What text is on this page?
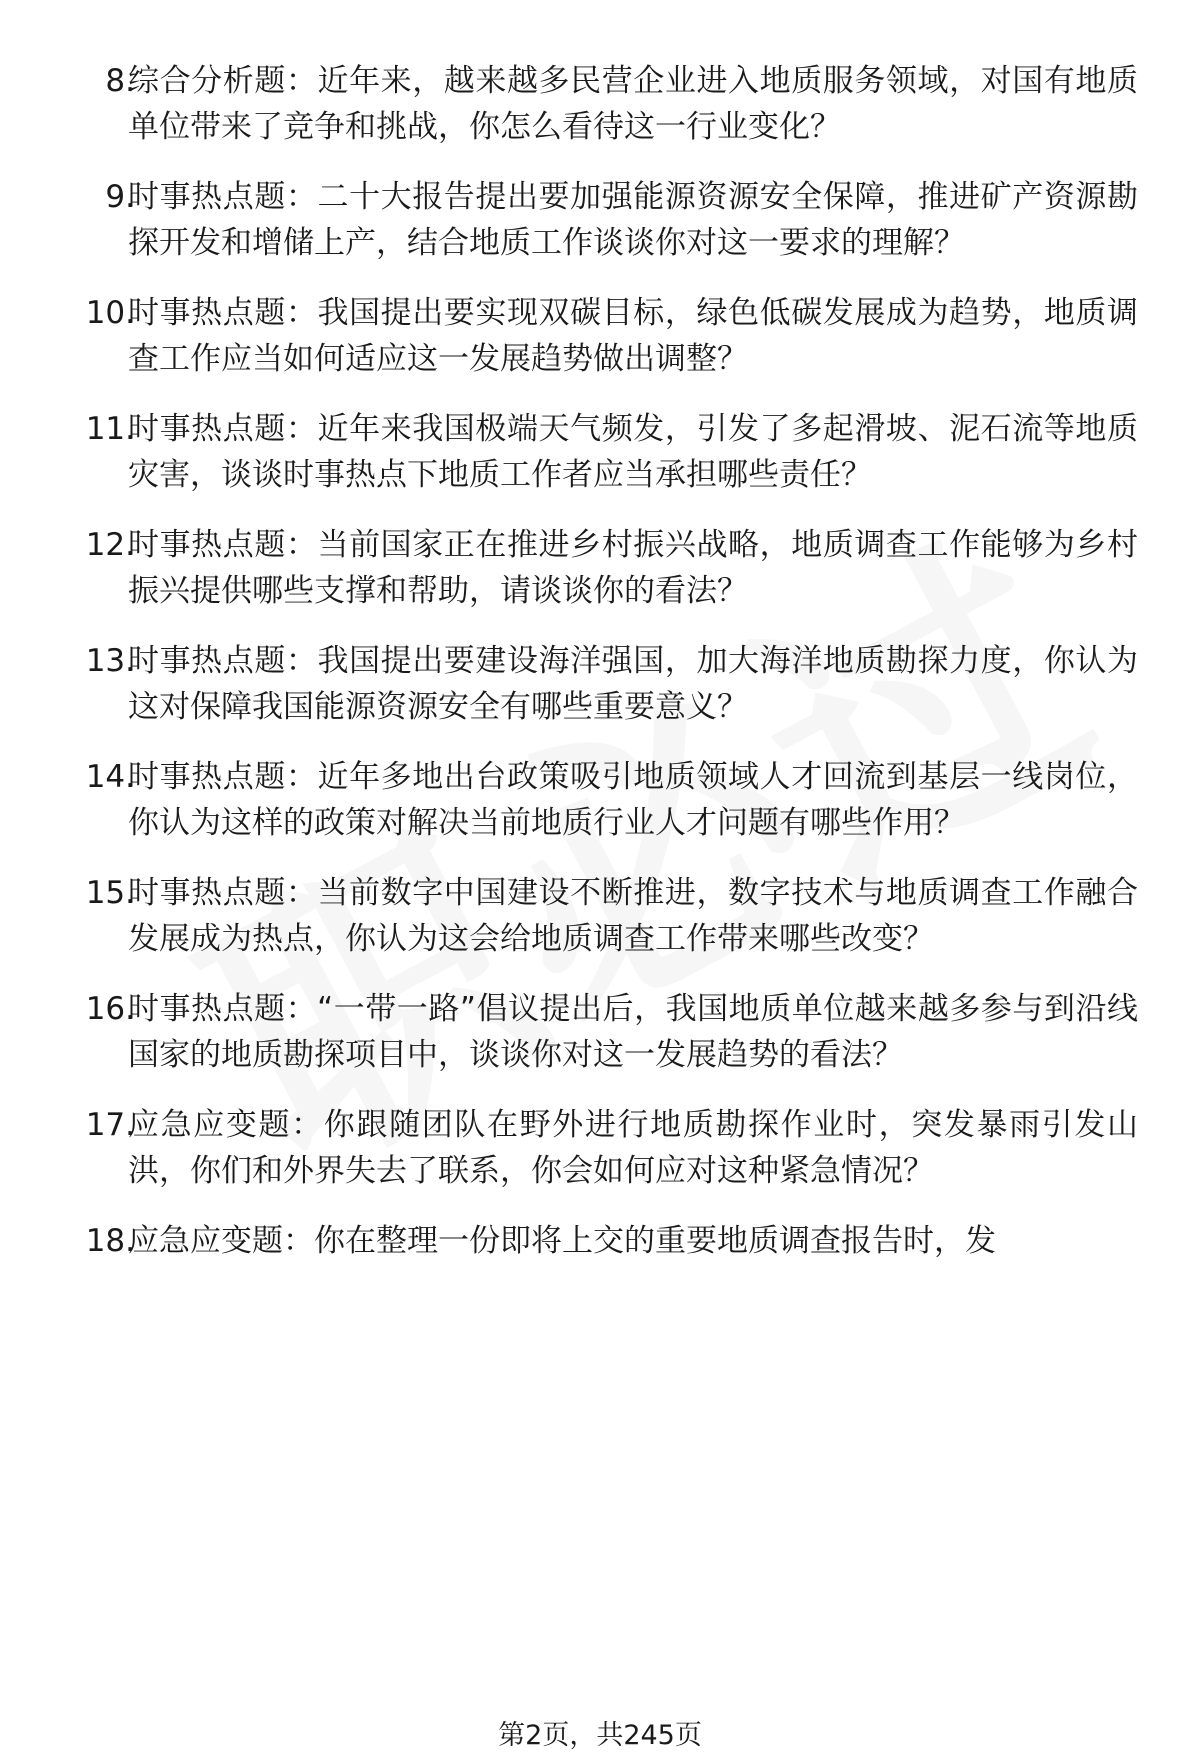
8.
综合分析题：近年来，越来越多民营企业进入地质服务领域，对国有地质单位带来了竞争和挑战，你怎么看待这一行业变化？
9.
时事热点题：二十大报告提出要加强能源资源安全保障，推进矿产资源勘探开发和增储上产，结合地质工作谈谈你对这一要求的理解？
10.
时事热点题：我国提出要实现双碳目标，绿色低碳发展成为趋势，地质调查工作应当如何适应这一发展趋势做出调整？
11.
时事热点题：近年来我国极端天气频发，引发了多起滑坡、泥石流等地质灾害，谈谈时事热点下地质工作者应当承担哪些责任？
12.
时事热点题：当前国家正在推进乡村振兴战略，地质调查工作能够为乡村振兴提供哪些支撑和帮助，请谈谈你的看法？
13.
时事热点题：我国提出要建设海洋强国，加大海洋地质勘探力度，你认为这对保障我国能源资源安全有哪些重要意义？
14.
时事热点题：近年多地出台政策吸引地质领域人才回流到基层一线岗位，你认为这样的政策对解决当前地质行业人才问题有哪些作用？
15.
时事热点题：当前数字中国建设不断推进，数字技术与地质调查工作融合发展成为热点，你认为这会给地质调查工作带来哪些改变？
16.
时事热点题：“一带一路”倡议提出后，我国地质单位越来越多参与到沿线国家的地质勘探项目中，谈谈你对这一发展趋势的看法？
17.
应急应变题：你跟随团队在野外进行地质勘探作业时，突发暴雨引发山洪，你们和外界失去了联系，你会如何应对这种紧急情况？
18.
应急应变题：你在整理一份即将上交的重要地质调查报告时，发
第2页，共245页
